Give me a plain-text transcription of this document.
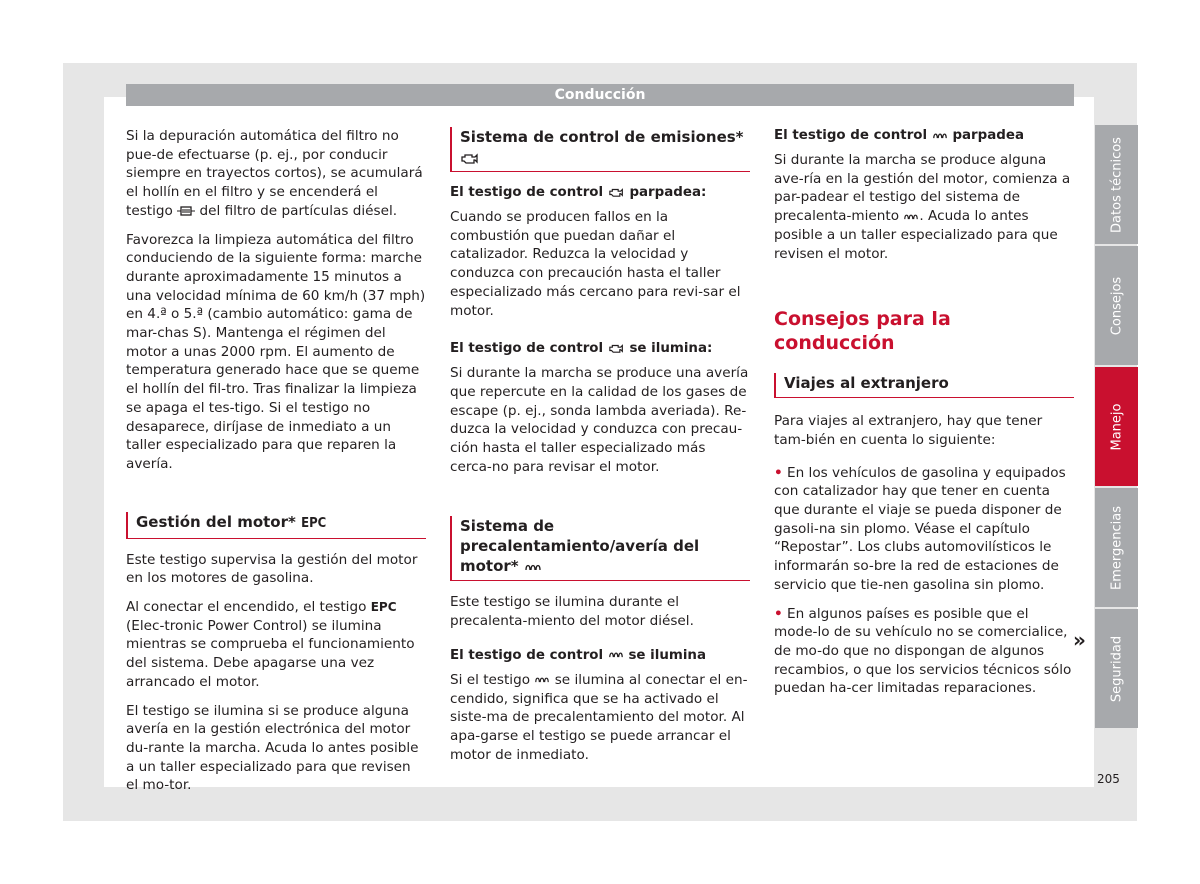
Conducción

Si la depuración automática del filtro no pue-de efectuarse (p. ej., por conducir siempre en trayectos cortos), se acumulará el hollín en el filtro y se encenderá el testigo del filtro de partículas diésel.

Favorezca la limpieza automática del filtro conduciendo de la siguiente forma: marche durante aproximadamente 15 minutos a una velocidad mínima de 60 km/h (37 mph) en 4.ª o 5.ª (cambio automático: gama de mar-chas S). Mantenga el régimen del motor a unas 2000 rpm. El aumento de temperatura generado hace que se queme el hollín del fil-tro. Tras finalizar la limpieza se apaga el tes-tigo. Si el testigo no desaparece, diríjase de inmediato a un taller especializado para que reparen la avería.

Gestión del motor* EPC

Este testigo supervisa la gestión del motor en los motores de gasolina.

Al conectar el encendido, el testigo EPC (Elec-tronic Power Control) se ilumina mientras se comprueba el funcionamiento del sistema. Debe apagarse una vez arrancado el motor.

El testigo se ilumina si se produce alguna avería en la gestión electrónica del motor du-rante la marcha. Acuda lo antes posible a un taller especializado para que revisen el mo-tor.

Sistema de control de emisiones*
El testigo de control parpadea:

Cuando se producen fallos en la combustión que puedan dañar el catalizador. Reduzca la velocidad y conduzca con precaución hasta el taller especializado más cercano para revi-sar el motor.

El testigo de control se ilumina:

Si durante la marcha se produce una avería que repercute en la calidad de los gases de escape (p. ej., sonda lambda averiada). Re-duzca la velocidad y conduzca con precau-ción hasta el taller especializado más cerca-no para revisar el motor.

Sistema de precalentamiento/avería del motor*

Este testigo se ilumina durante el precalenta-miento del motor diésel.

El testigo de control se ilumina

Si el testigo se ilumina al conectar el en-cendido, significa que se ha activado el siste-ma de precalentamiento del motor. Al apa-garse el testigo se puede arrancar el motor de inmediato.

El testigo de control parpadea

Si durante la marcha se produce alguna ave-ría en la gestión del motor, comienza a par-padear el testigo del sistema de precalenta-miento . Acuda lo antes posible a un taller especializado para que revisen el motor.

Consejos para la conducción
Viajes al extranjero

Para viajes al extranjero, hay que tener tam-bién en cuenta lo siguiente:

• En los vehículos de gasolina y equipados con catalizador hay que tener en cuenta que durante el viaje se pueda disponer de gasoli-na sin plomo. Véase el capítulo “Repostar”. Los clubs automovilísticos le informarán so-bre la red de estaciones de servicio que tie-nen gasolina sin plomo.

• En algunos países es posible que el mode-lo de su vehículo no se comercialice, de mo-do que no dispongan de algunos recambios, o que los servicios técnicos sólo puedan ha-cer limitadas reparaciones.

»
Datos técnicos
Consejos
Manejo
Emergencias
Seguridad
205
